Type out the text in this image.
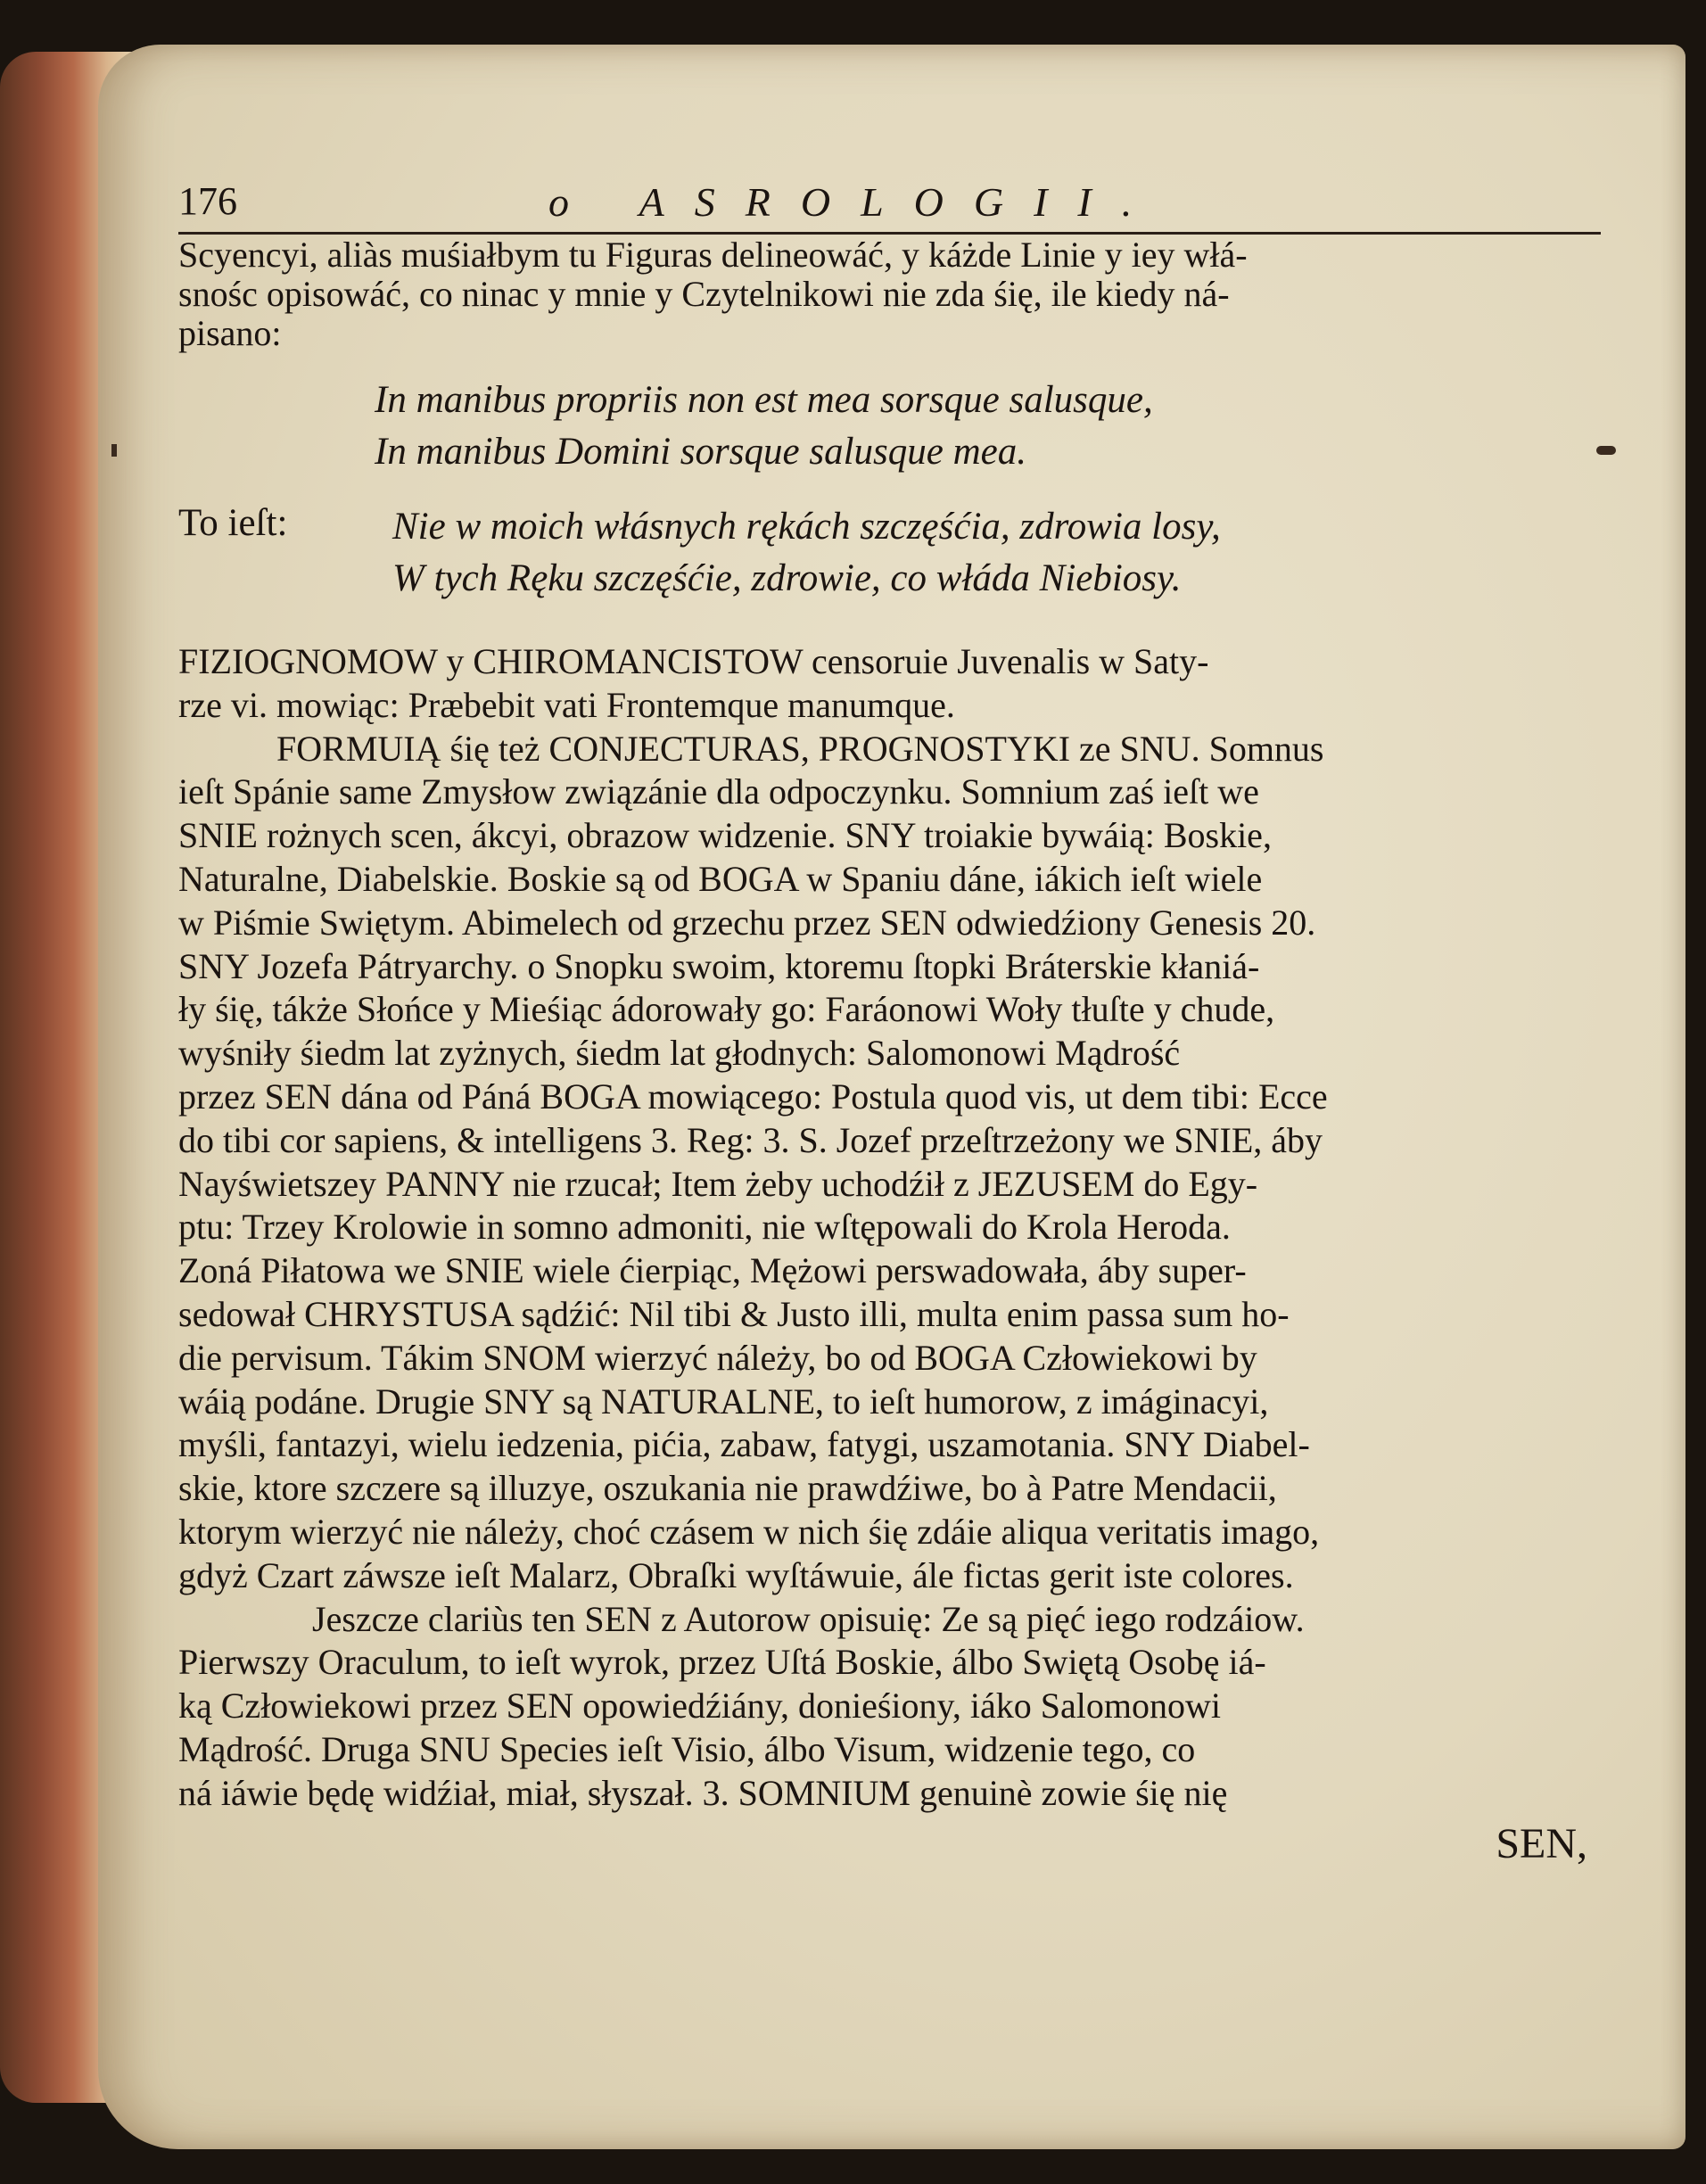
176	o ASROLOGII.

Scyencyi, aliàs muśiałbym tu Figuras delineowáć, y káżde Linie y iey włá-

snośc opisowáć, co ninac y mnie y Czytelnikowi nie zda śię, ile kiedy ná-

pisano:

In manibus propriis non est mea sorsque salusque,

In manibus Domini sorsque salusque mea.

To ieſt:	Nie w moich włásnych rękách szczęśćia, zdrowia losy,

W tych Ręku szczęśćie, zdrowie, co włáda Niebiosy.

FIZIOGNOMOW y CHIROMANCISTOW censoruie Juvenalis w Saty-

rze vi. mowiąc: Præbebit vati Frontemque manumque.

FORMUIĄ śię też CONJECTURAS, PROGNOSTYKI ze SNU. Somnus

ieſt Spánie same Zmysłow związánie dla odpoczynku. Somnium zaś ieſt we

SNIE rożnych scen, ákcyi, obrazow widzenie. SNY troiakie bywáią: Boskie,

Naturalne, Diabelskie. Boskie są od BOGA w Spaniu dáne, iákich ieſt wiele

w Piśmie Swiętym. Abimelech od grzechu przez SEN odwiedźiony Genesis 20.

SNY Jozefa Pátryarchy. o Snopku swoim, ktoremu ſtopki Bráterskie kłaniá-

ły śię, tákże Słońce y Mieśiąc ádorowały go: Faráonowi Woły tłuſte y chude,

wyśniły śiedm lat zyżnych, śiedm lat głodnych: Salomonowi Mądrość

przez SEN dána od Páná BOGA mowiącego: Postula quod vis, ut dem tibi: Ecce

do tibi cor sapiens, & intelligens 3. Reg: 3. S. Jozef przeſtrzeżony we SNIE, áby

Nayświetszey PANNY nie rzucał; Item żeby uchodźił z JEZUSEM do Egy-

ptu: Trzey Krolowie in somno admoniti, nie wſtępowali do Krola Heroda.

Zoná Piłatowa we SNIE wiele ćierpiąc, Mężowi perswadowała, áby super-

sedował CHRYSTUSA sądźić: Nil tibi & Justo illi, multa enim passa sum ho-

die pervisum. Tákim SNOM wierzyć náleży, bo od BOGA Człowiekowi by

wáią podáne. Drugie SNY są NATURALNE, to ieſt humorow, z imáginacyi,

myśli, fantazyi, wielu iedzenia, pićia, zabaw, fatygi, uszamotania. SNY Diabel-

skie, ktore szczere są illuzye, oszukania nie prawdźiwe, bo à Patre Mendacii,

ktorym wierzyć nie náleży, choć czásem w nich śię zdáie aliqua veritatis imago,

gdyż Czart záwsze ieſt Malarz, Obraſki wyſtáwuie, ále fictas gerit iste colores.

Jeszcze clariùs ten SEN z Autorow opisuię: Ze są pięć iego rodzáiow.

Pierwszy Oraculum, to ieſt wyrok, przez Uſtá Boskie, álbo Swiętą Osobę iá-

ką Człowiekowi przez SEN opowiedźiány, donieśiony, iáko Salomonowi

Mądrość. Druga SNU Species ieſt Visio, álbo Visum, widzenie tego, co

ná iáwie będę widźiał, miał, słyszał. 3. SOMNIUM genuinè zowie śię nię

SEN,
